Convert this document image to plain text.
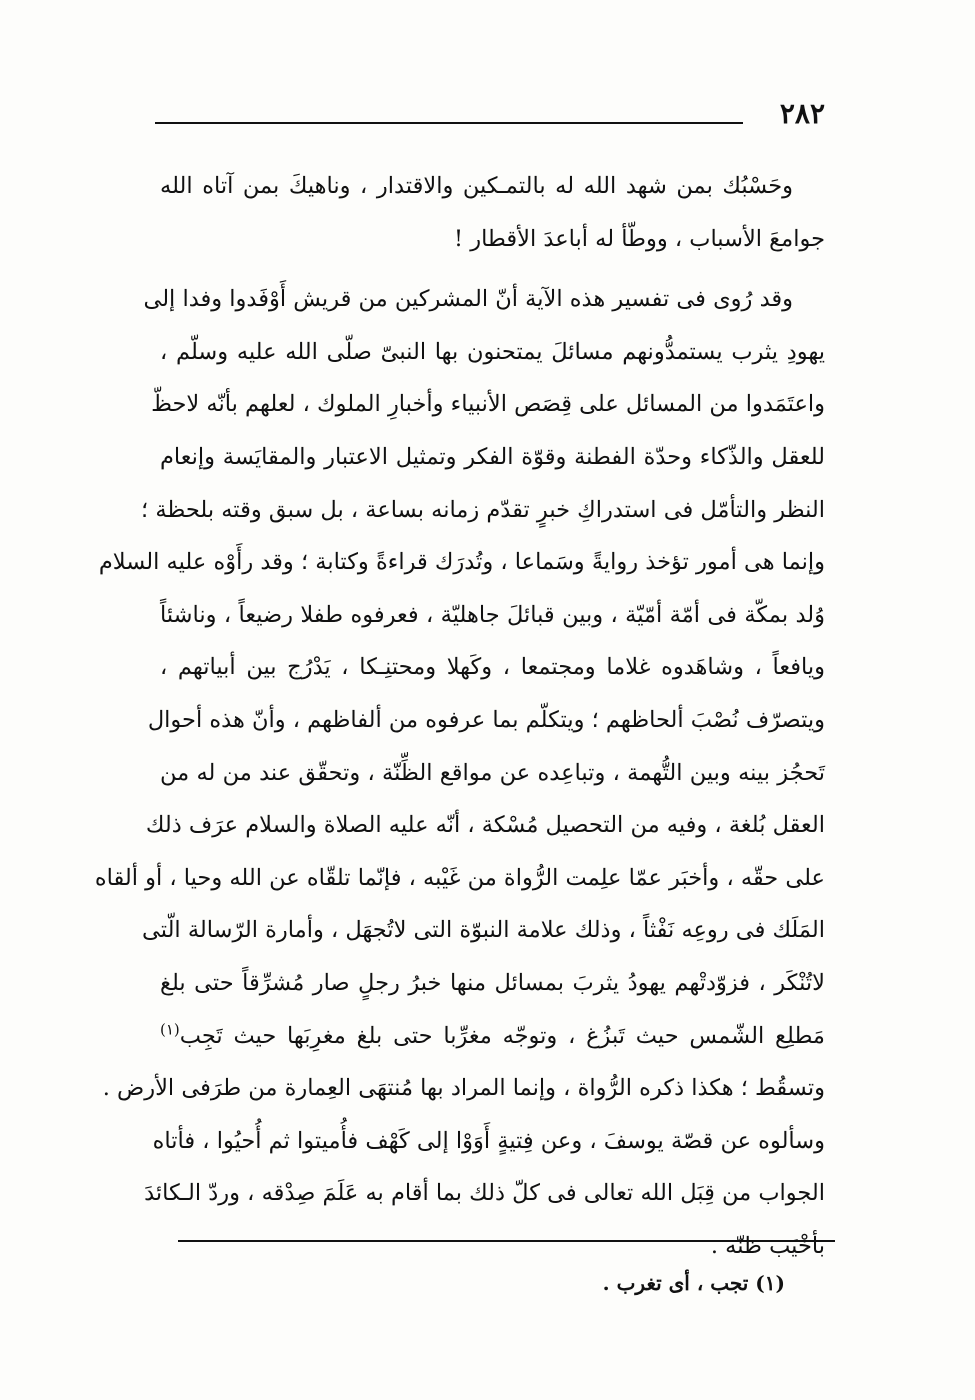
٢٨٢

وحَسْبُك بمن شهد الله له بالتمـكين والاقتدار ، وناهيكَ بمن آتاه الله
جوامعَ الأسباب ، ووطّأ له أباعدَ الأقطار !

وقد رُوى فى تفسير هذه الآية أنّ المشركين من قريش أَوْفَدوا وفدا إلى
يهودِ يثرب يستمدُّونهم مسائلَ يمتحنون بها النبىّ صلّى الله عليه وسلّم ،
واعتَمَدوا من المسائل على قِصَص الأنبياء وأخبارِ الملوك ، لعلهم بأنّه لاحظّ
للعقل والذّكاء وحدّة الفطنة وقوّة الفكر وتمثيل الاعتبار والمقايَسة وإنعام
النظر والتأمّل فى استدراكِ خبرٍ تقدّم زمانه بساعة ، بل سبق وقته بلحظة ؛
وإنما هى أمور تؤخذ روايةً وسَماعا ، وتُدرَك قراءةً وكتابة ؛ وقد رأَوْه عليه السلام
وُلد بمكّة فى أمّة أمّيّة ، وبين قبائلَ جاهليّة ، فعرفوه طفلا رضيعاً ، وناشئاً
ويافعاً ، وشاهَدوه غلاما ومجتمعا ، وكَهلا ومحتنِـكا ، يَدْرُج بين أبياتهم ،
ويتصرّف نُصْبَ ألحاظهم ؛ ويتكلّم بما عرفوه من ألفاظهم ، وأنّ هذه أحوال
تَحجُز بينه وبين التُّهمة ، وتباعِده عن مواقع الظِّنّة ، وتحقّق عند من له من
العقل بُلغة ، وفيه من التحصيل مُسْكة ، أنّه عليه الصلاة والسلام عرَف ذلك
على حقّه ، وأخبَر عمّا علِمت الرُّواة من غَيْبه ، فإنّما تلقّاه عن الله وحيا ، أو ألقاه
المَلَك فى روعِه نَفْثاً ، وذلك علامة النبوّة التى لاتُجهَل ، وأمارة الرّسالة الّتى
لاتُنْكَر ، فزوّدتْهم يهودُ يثربَ بمسائل منها خبرُ رجلٍ صار مُشرِّقاً حتى بلغ
مَطلِع الشّمس حيث تَبزُغ ، وتوجّه مغرِّبا حتى بلغ مغرِبَها حيث تَجِب$^{(١)}$
وتسقُط ؛ هكذا ذكره الرُّواة ، وإنما المراد بها مُنتهَى العِمارة من طرَفى الأرض .
وسألوه عن قصّة يوسفَ ، وعن فِتيةٍ أَوَوْا إلى كَهْف فأُميتوا ثم أُحيُوا ، فأتاه
الجواب من قِبَل الله تعالى فى كلّ ذلك بما أقام به عَلَمَ صِدْقه ، وردّ الـكائدَ
بأخْيَب ظنّه .

(١) تجب ، أى تغرب .
